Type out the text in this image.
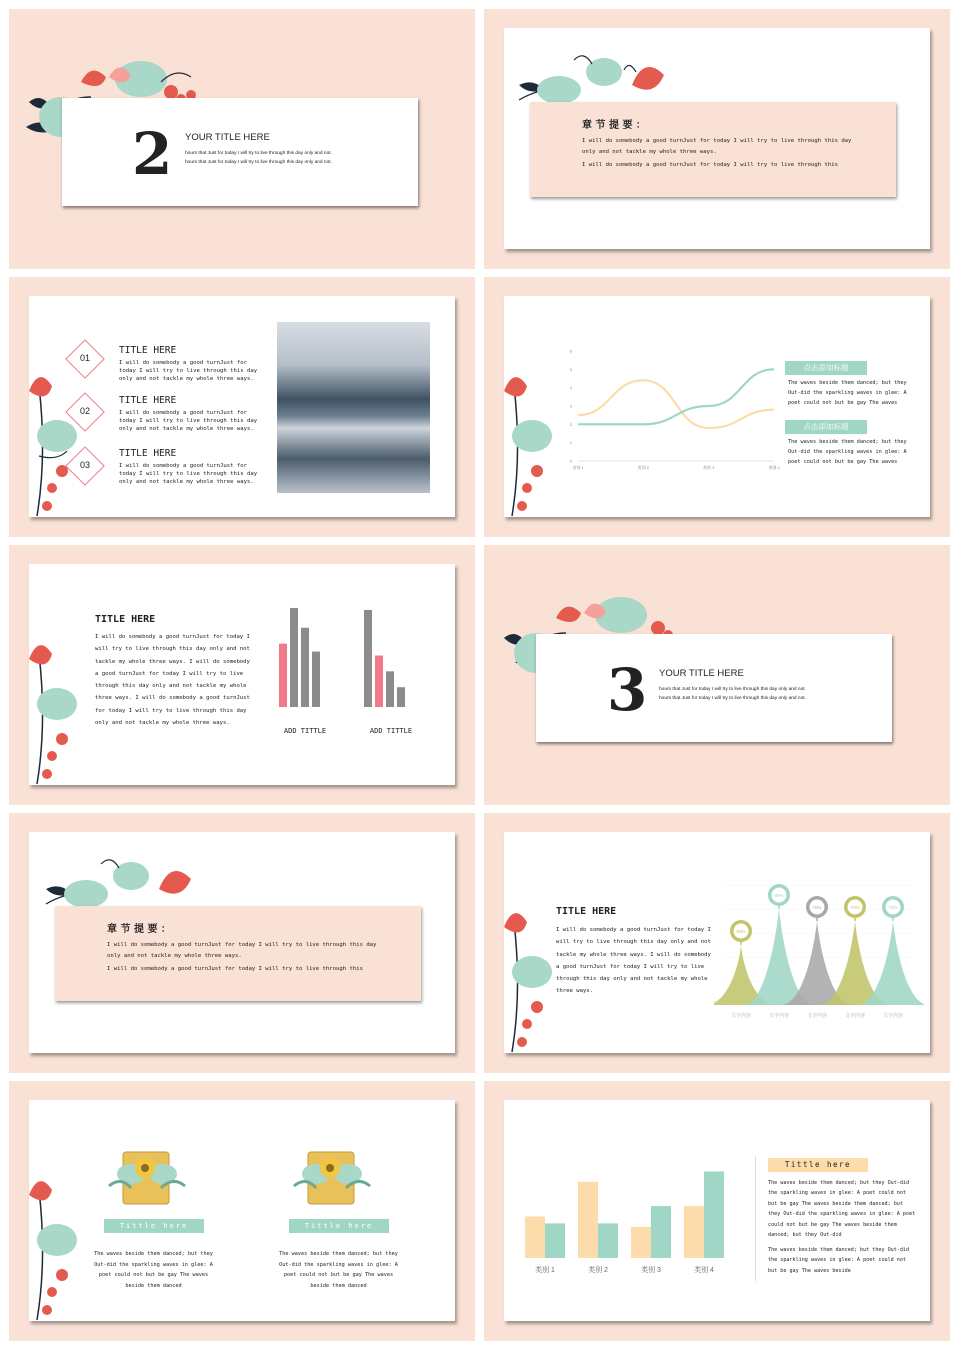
2 YOUR TITLE HERE
hours that Just for today I will try to live through this day only and not. hours that Just for today I will try to live through this day only and not.
章 节 提 要 ：
I will do somebody a good turnJust for today I will try to live through this day only and not tackle my whole three ways.
I will do somebody a good turnJust for today I will try to live through this
01
TITLE HERE
I will do somebody a good turnJust for today I will try to live through this day only and not tackle my whole three ways.
02
TITLE HERE
I will do somebody a good turnJust for today I will try to live through this day only and not tackle my whole three ways.
03
TITLE HERE
I will do somebody a good turnJust for today I will try to live through this day only and not tackle my whole three ways.
0
1
2
3
4
5
6
类别 1	类别 2	类别 3	类别 4
点击添加标题
The waves beside them danced; but they Out-did the sparkling waves in glee: A poet could not but be gay The waves
点击添加标题
The waves beside them danced; but they Out-did the sparkling waves in glee: A poet could not but be gay The waves
TITLE HERE
I will do somebody a good turnJust for today I will try to live through this day only and not tackle my whole three ways. I will do somebody a good turnJust for today I will try to live through this day only and not tackle my whole three ways. I will do somebody a good turnJust for today I will try to live through this day only and not tackle my whole three ways.
ADD TITTLE	ADD TITTLE
3 YOUR TITLE HERE
hours that Just for today I will try to live through this day only and not. hours that Just for today I will try to live through this day only and not.
章 节 提 要 ：
I will do somebody a good turnJust for today I will try to live through this day only and not tackle my whole three ways.
I will do somebody a good turnJust for today I will try to live through this
TITLE HERE
I will do somebody a good turnJust for today I will try to live through this day only and not tackle my whole three ways. I will do somebody a good turnJust for today I will try to live through this day only and not tackle my whole three ways.
50%
文字内容
80%
文字内容
70%
文字内容
70%
文字内容
70%
文字内容
Tittle here
The waves beside them danced; but they Out-did the sparkling waves in glee: A poet could not but be gay The waves beside them danced
Tittle here
The waves beside them danced; but they Out-did the sparkling waves in glee: A poet could not but be gay The waves beside them danced
类别 1	类别 2	类别 3	类别 4
Tittle here
The waves beside them danced; but they Out-did the sparkling waves in glee: A poet could not but be gay The waves beside them danced; but they Out-did the sparkling waves in glee: A poet could not but be gay The waves beside them danced; but they Out-did
The waves beside them danced; but they Out-did the sparkling waves in glee: A poet could not but be gay The waves beside
